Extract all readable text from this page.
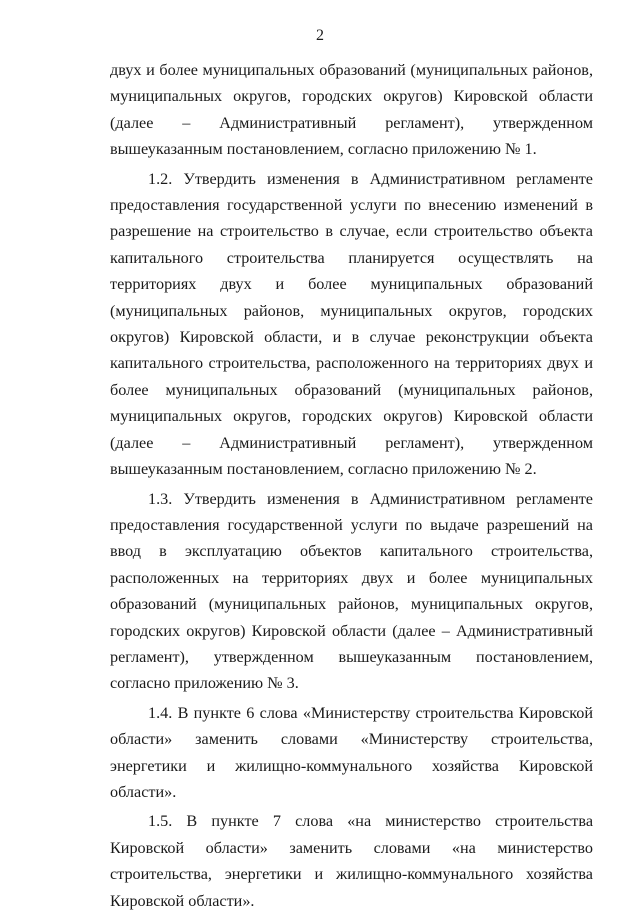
2

двух и более муниципальных образований (муниципальных районов, муниципальных округов, городских округов) Кировской области (далее – Административный регламент), утвержденном вышеуказанным постановлением, согласно приложению № 1.

1.2. Утвердить изменения в Административном регламенте предоставления государственной услуги по внесению изменений в разрешение на строительство в случае, если строительство объекта капитального строительства планируется осуществлять на территориях двух и более муниципальных образований (муниципальных районов, муниципальных округов, городских округов) Кировской области, и в случае реконструкции объекта капитального строительства, расположенного на территориях двух и более муниципальных образований (муниципальных районов, муниципальных округов, городских округов) Кировской области (далее – Административный регламент), утвержденном вышеуказанным постановлением, согласно приложению № 2.

1.3. Утвердить изменения в Административном регламенте предоставления государственной услуги по выдаче разрешений на ввод в эксплуатацию объектов капитального строительства, расположенных на территориях двух и более муниципальных образований (муниципальных районов, муниципальных округов, городских округов) Кировской области (далее – Административный регламент), утвержденном вышеуказанным постановлением, согласно приложению № 3.

1.4. В пункте 6 слова «Министерству строительства Кировской области» заменить словами «Министерству строительства, энергетики и жилищно-коммунального хозяйства Кировской области».

1.5. В пункте 7 слова «на министерство строительства Кировской области» заменить словами «на министерство строительства, энергетики и жилищно-коммунального хозяйства Кировской области».
